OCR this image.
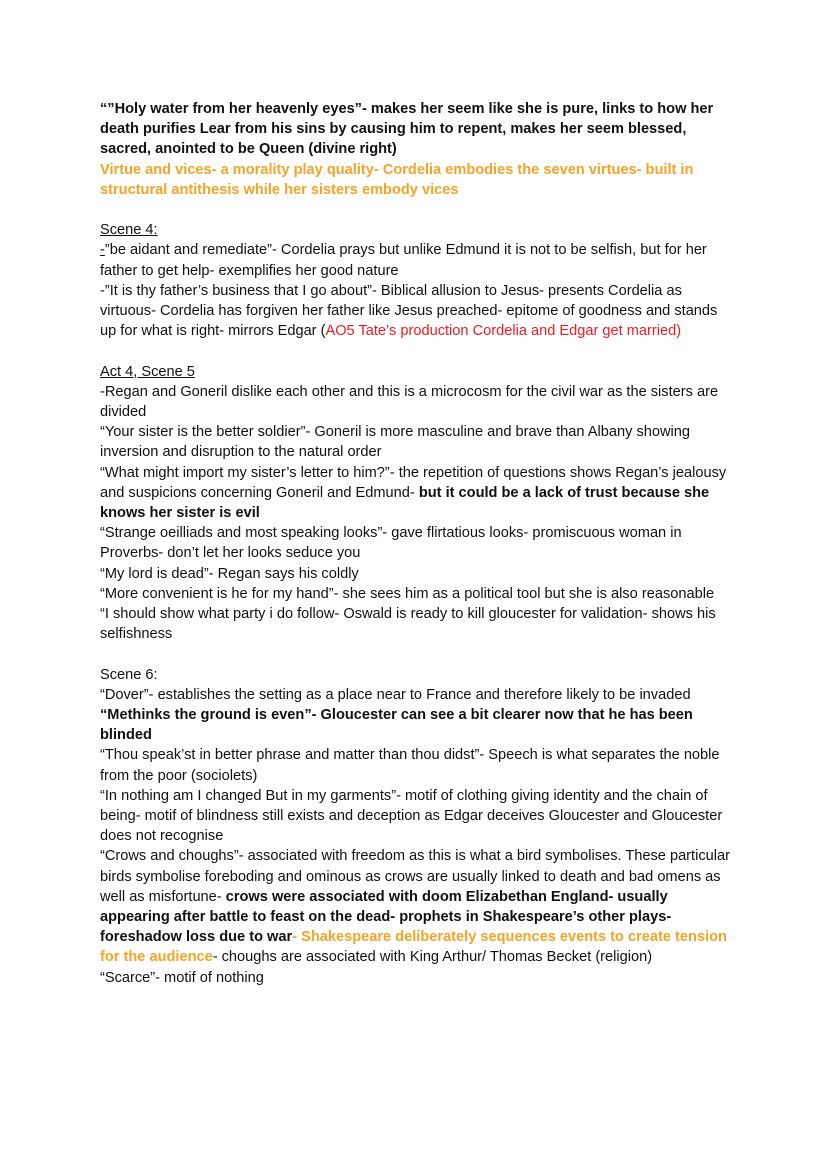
“”Holy water from her heavenly eyes”- makes her seem like she is pure, links to how her death purifies Lear from his sins by causing him to repent, makes her seem blessed, sacred, anointed to be Queen (divine right)

Virtue and vices- a morality play quality- Cordelia embodies the seven virtues- built in structural antithesis while her sisters embody vices

Scene 4:

-”be aidant and remediate”- Cordelia prays but unlike Edmund it is not to be selfish, but for her father to get help- exemplifies her good nature

-”It is thy father’s business that I go about”- Biblical allusion to Jesus- presents Cordelia as virtuous- Cordelia has forgiven her father like Jesus preached- epitome of goodness and stands up for what is right- mirrors Edgar (AO5 Tate’s production Cordelia and Edgar get married)

Act 4, Scene 5

-Regan and Goneril dislike each other and this is a microcosm for the civil war as the sisters are divided

“Your sister is the better soldier”- Goneril is more masculine and brave than Albany showing inversion and disruption to the natural order

“What might import my sister’s letter to him?”- the repetition of questions shows Regan’s jealousy and suspicions concerning Goneril and Edmund- but it could be a lack of trust because she knows her sister is evil

“Strange oeilliads and most speaking looks”- gave flirtatious looks- promiscuous woman in Proverbs- don’t let her looks seduce you

“My lord is dead”- Regan says his coldly

“More convenient is he for my hand”- she sees him as a political tool but she is also reasonable

“I should show what party i do follow- Oswald is ready to kill gloucester for validation- shows his selfishness

Scene 6:

“Dover”- establishes the setting as a place near to France and therefore likely to be invaded

“Methinks the ground is even”- Gloucester can see a bit clearer now that he has been blinded

“Thou speak’st in better phrase and matter than thou didst”- Speech is what separates the noble from the poor (sociolets)

“In nothing am I changed But in my garments”- motif of clothing giving identity and the chain of being- motif of blindness still exists and deception as Edgar deceives Gloucester and Gloucester does not recognise

“Crows and choughs”- associated with freedom as this is what a bird symbolises. These particular birds symbolise foreboding and ominous as crows are usually linked to death and bad omens as well as misfortune- crows were associated with doom Elizabethan England- usually appearing after battle to feast on the dead- prophets in Shakespeare’s other plays- foreshadow loss due to war- Shakespeare deliberately sequences events to create tension for the audience- choughs are associated with King Arthur/ Thomas Becket (religion)

“Scarce”- motif of nothing
